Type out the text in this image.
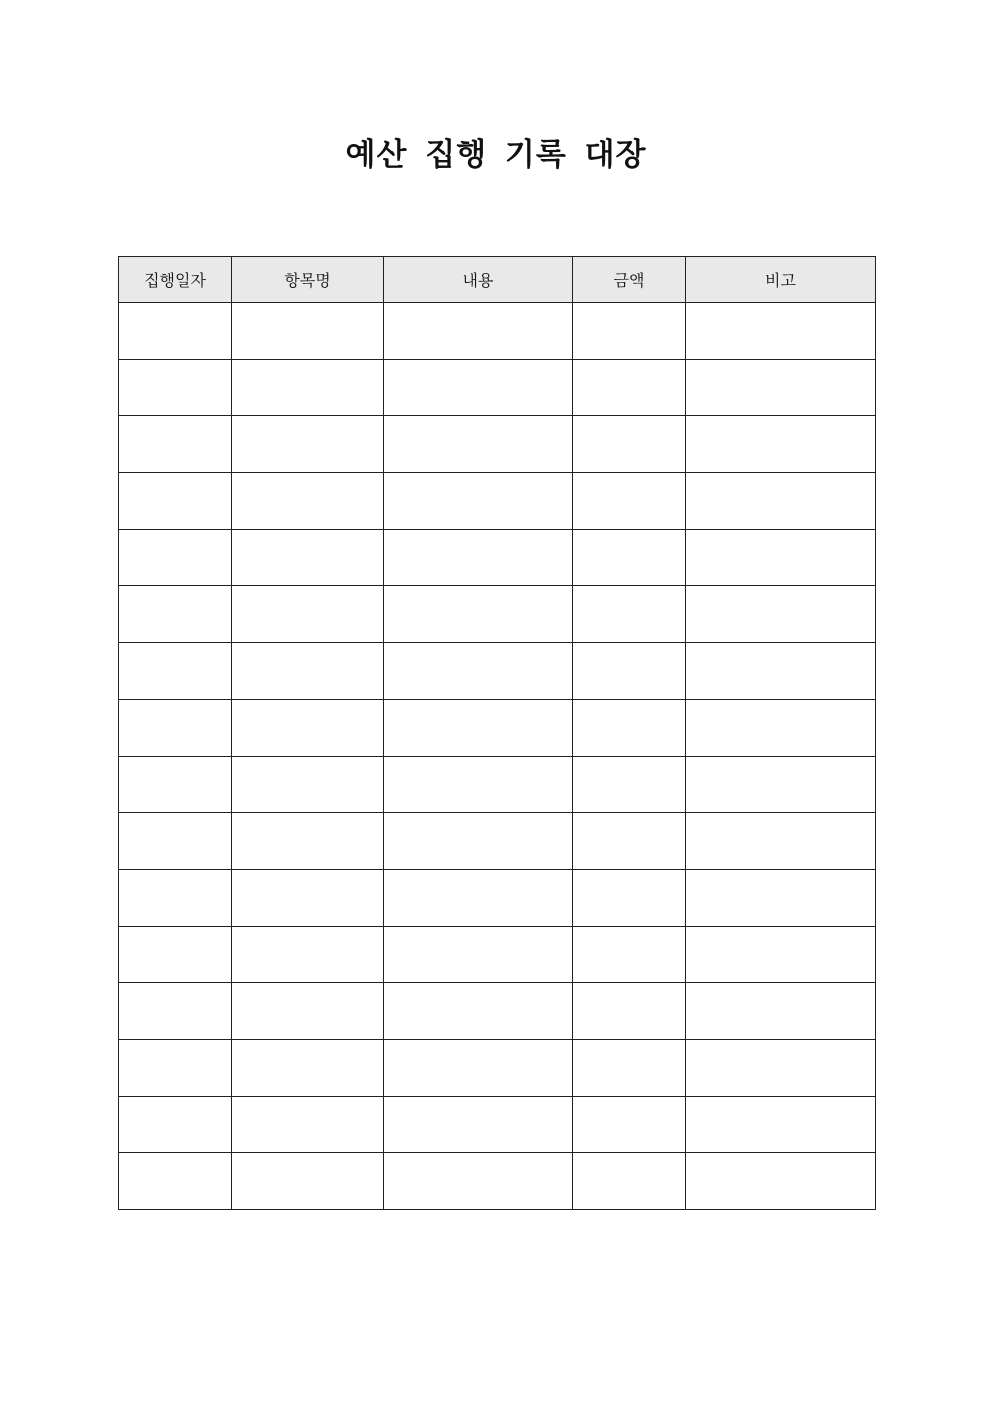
예산 집행 기록 대장
집행일자	항목명	내용	금액	비고
